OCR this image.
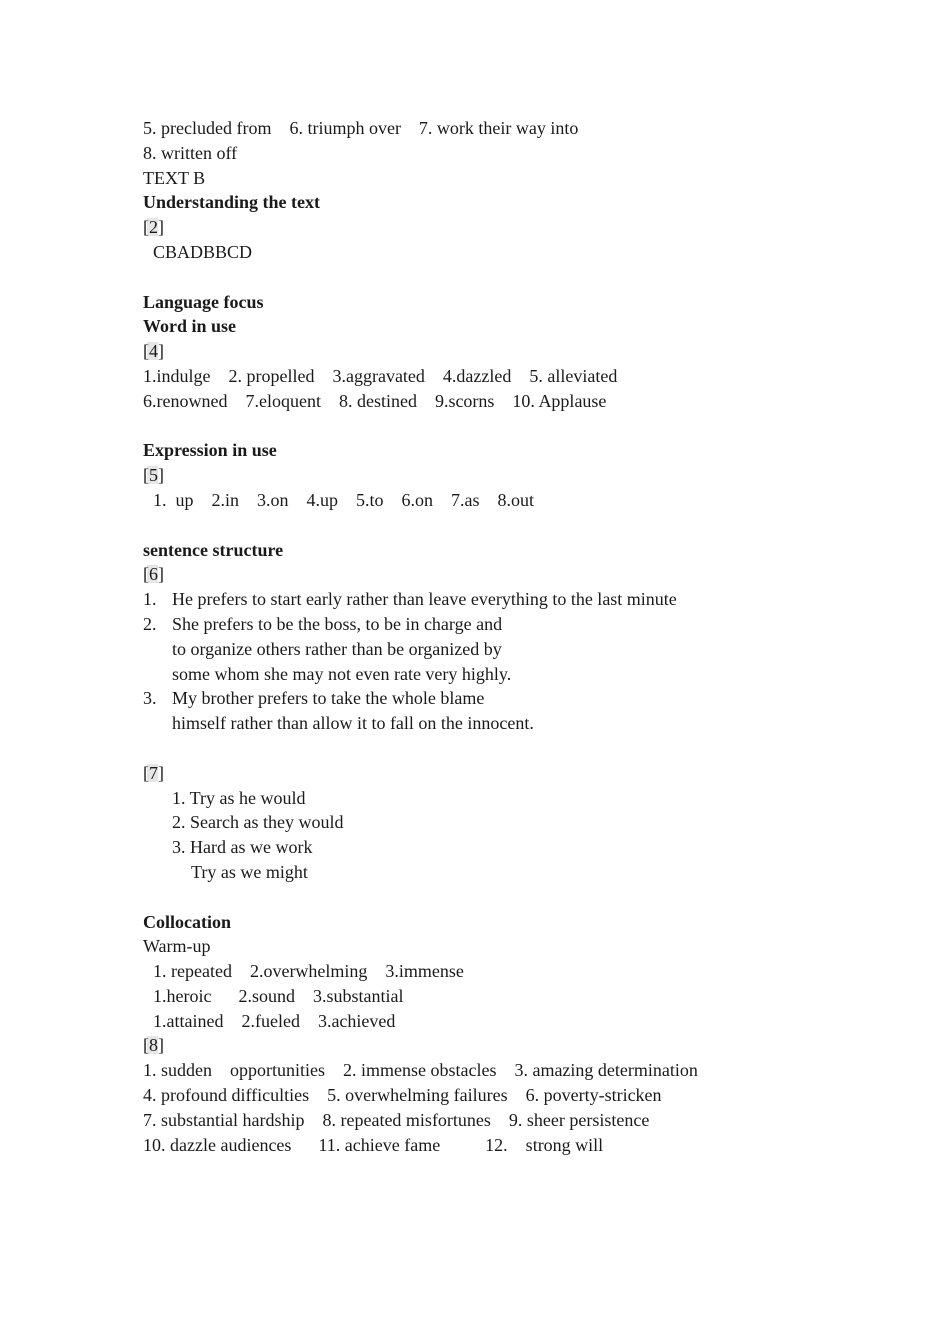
5. precluded from    6. triumph over    7. work their way into
8. written off
TEXT B
Understanding the text
[2]
CBADBBCD
Language focus
Word in use
[4]
1.indulge    2. propelled    3.aggravated    4.dazzled    5. alleviated
6.renowned    7.eloquent    8. destined    9.scorns    10. Applause
Expression in use
[5]
1.  up    2.in    3.on    4.up    5.to    6.on    7.as    8.out
sentence structure
[6]
1. He prefers to start early rather than leave everything to the last minute
2. She prefers to be the boss, to be in charge and
to organize others rather than be organized by
some whom she may not even rate very highly.
3. My brother prefers to take the whole blame
himself rather than allow it to fall on the innocent.
[7]
1. Try as he would
2. Search as they would
3. Hard as we work
Try as we might
Collocation
Warm-up
1. repeated    2.overwhelming    3.immense
1.heroic      2.sound    3.substantial
1.attained    2.fueled    3.achieved
[8]
1. sudden    opportunities    2. immense obstacles    3. amazing determination
4. profound difficulties    5. overwhelming failures    6. poverty-stricken
7. substantial hardship    8. repeated misfortunes    9. sheer persistence
10. dazzle audiences      11. achieve fame          12.    strong will
